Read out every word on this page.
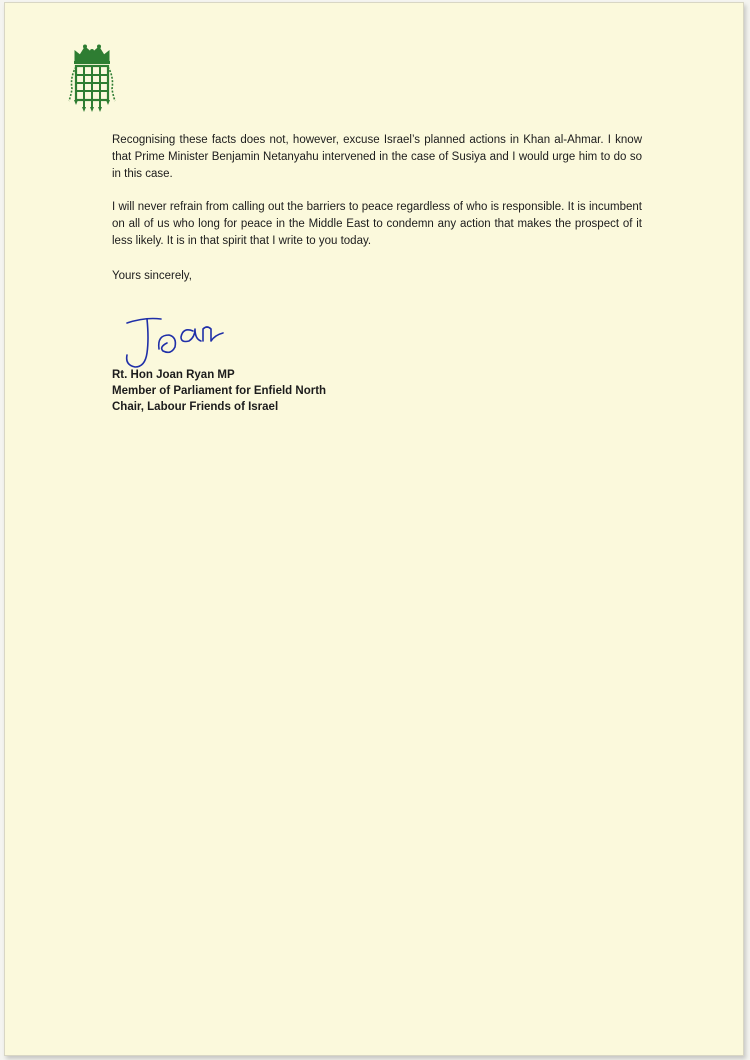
Recognising these facts does not, however, excuse Israel’s planned actions in Khan al-Ahmar. I know that Prime Minister Benjamin Netanyahu intervened in the case of Susiya and I would urge him to do so in this case.

I will never refrain from calling out the barriers to peace regardless of who is responsible. It is incumbent on all of us who long for peace in the Middle East to condemn any action that makes the prospect of it less likely. It is in that spirit that I write to you today.

Yours sincerely,

Rt. Hon Joan Ryan MP
Member of Parliament for Enfield North
Chair, Labour Friends of Israel
